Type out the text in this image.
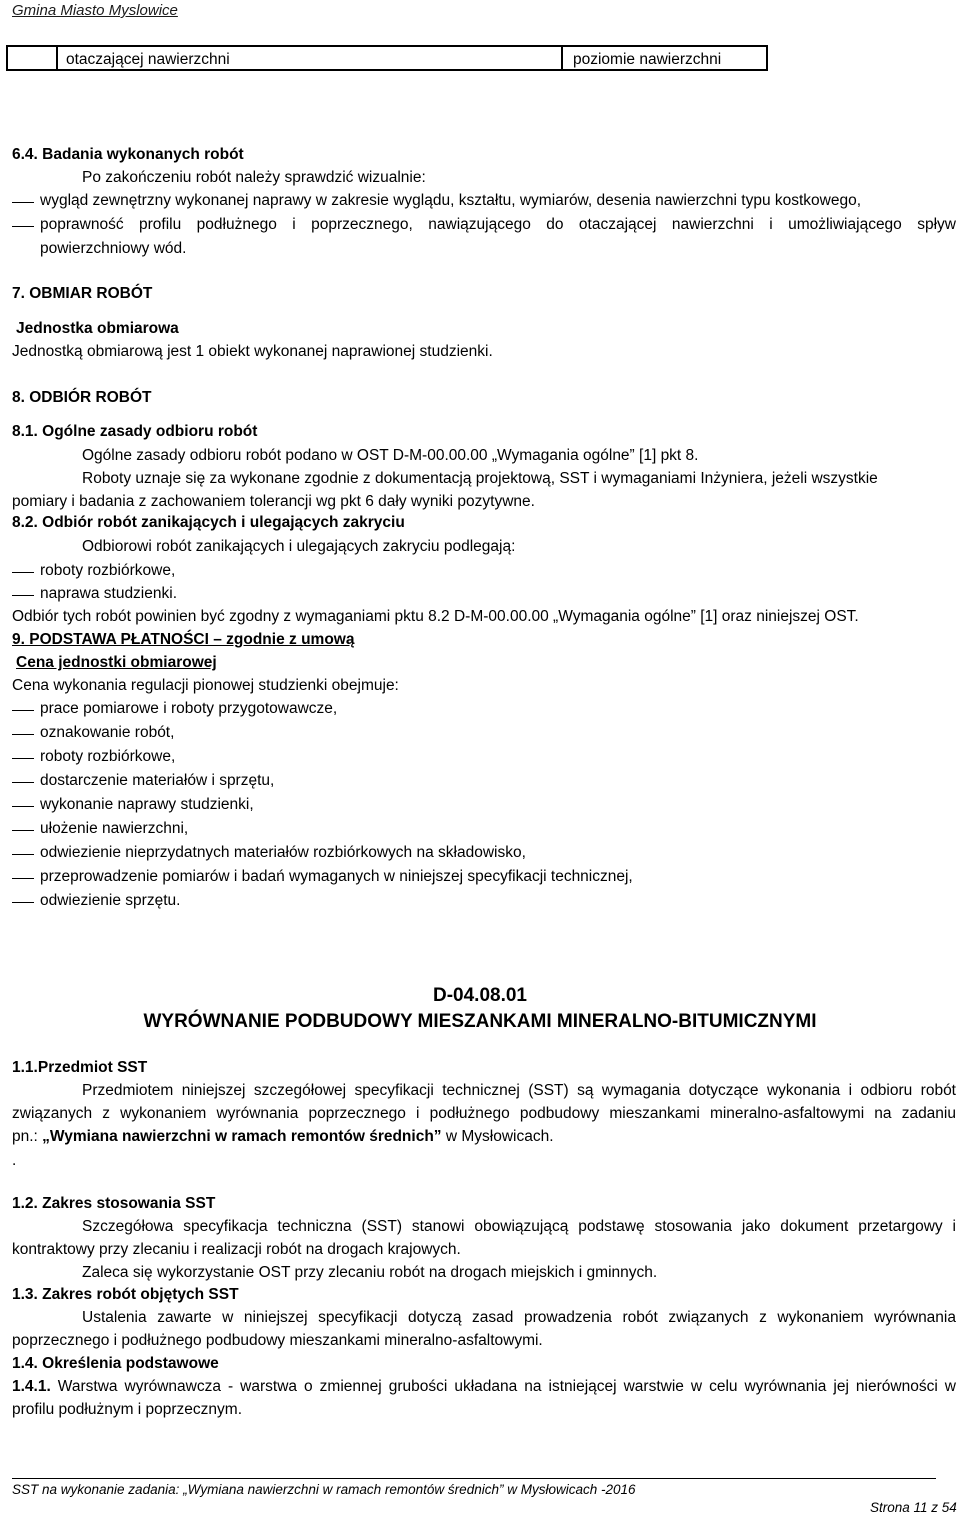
Gmina Miasto Myslowice
otaczającej nawierzchni	poziomie nawierzchni
6.4. Badania wykonanych robót
Po zakończeniu robót należy sprawdzić wizualnie:
wygląd zewnętrzny wykonanej naprawy w zakresie wyglądu, kształtu, wymiarów, desenia nawierzchni typu kostkowego,
poprawność profilu podłużnego i poprzecznego, nawiązującego do otaczającej nawierzchni i umożliwiającego spływ
powierzchniowy wód.
7. OBMIAR ROBÓT
Jednostka obmiarowa
Jednostką obmiarową jest 1 obiekt wykonanej naprawionej studzienki.
8. ODBIÓR ROBÓT
8.1. Ogólne zasady odbioru robót
Ogólne zasady odbioru robót podano w OST D-M-00.00.00 „Wymagania ogólne” [1] pkt 8.
Roboty uznaje się za wykonane zgodnie z dokumentacją projektową, SST i wymaganiami Inżyniera, jeżeli wszystkie
pomiary i badania z zachowaniem tolerancji wg pkt 6 dały wyniki pozytywne.
8.2. Odbiór robót zanikających i ulegających zakryciu
Odbiorowi robót zanikających i ulegających zakryciu podlegają:
roboty rozbiórkowe,
naprawa studzienki.
Odbiór tych robót powinien być zgodny z wymaganiami pktu 8.2 D-M-00.00.00 „Wymagania ogólne” [1] oraz niniejszej OST.
9. PODSTAWA PŁATNOŚCI – zgodnie z umową
Cena jednostki obmiarowej
Cena wykonania regulacji pionowej studzienki obejmuje:
prace pomiarowe i roboty przygotowawcze,
oznakowanie robót,
roboty rozbiórkowe,
dostarczenie materiałów i sprzętu,
wykonanie naprawy studzienki,
ułożenie nawierzchni,
odwiezienie nieprzydatnych materiałów rozbiórkowych na składowisko,
przeprowadzenie pomiarów i badań wymaganych w niniejszej specyfikacji technicznej,
odwiezienie sprzętu.
D-04.08.01
WYRÓWNANIE PODBUDOWY MIESZANKAMI MINERALNO-BITUMICZNYMI
1.1.Przedmiot SST
Przedmiotem niniejszej szczegółowej specyfikacji technicznej (SST) są wymagania dotyczące wykonania i odbioru robót
związanych z wykonaniem wyrównania poprzecznego i podłużnego podbudowy mieszankami mineralno-asfaltowymi na zadaniu
pn.: „Wymiana nawierzchni w ramach remontów średnich” w Mysłowicach.
.
1.2. Zakres stosowania SST
Szczegółowa specyfikacja techniczna (SST) stanowi obowiązującą podstawę stosowania jako dokument przetargowy i
kontraktowy przy zlecaniu i realizacji robót na drogach krajowych.
Zaleca się wykorzystanie OST przy zlecaniu robót na drogach miejskich i gminnych.
1.3. Zakres robót objętych SST
Ustalenia zawarte w niniejszej specyfikacji dotyczą zasad prowadzenia robót związanych z wykonaniem wyrównania
poprzecznego i podłużnego podbudowy mieszankami mineralno-asfaltowymi.
1.4. Określenia podstawowe
1.4.1. Warstwa wyrównawcza - warstwa o zmiennej grubości układana na istniejącej warstwie w celu wyrównania jej nierówności w
profilu podłużnym i poprzecznym.
SST na wykonanie zadania: „Wymiana nawierzchni w ramach remontów średnich” w Mysłowicach -2016
Strona 11 z 54
